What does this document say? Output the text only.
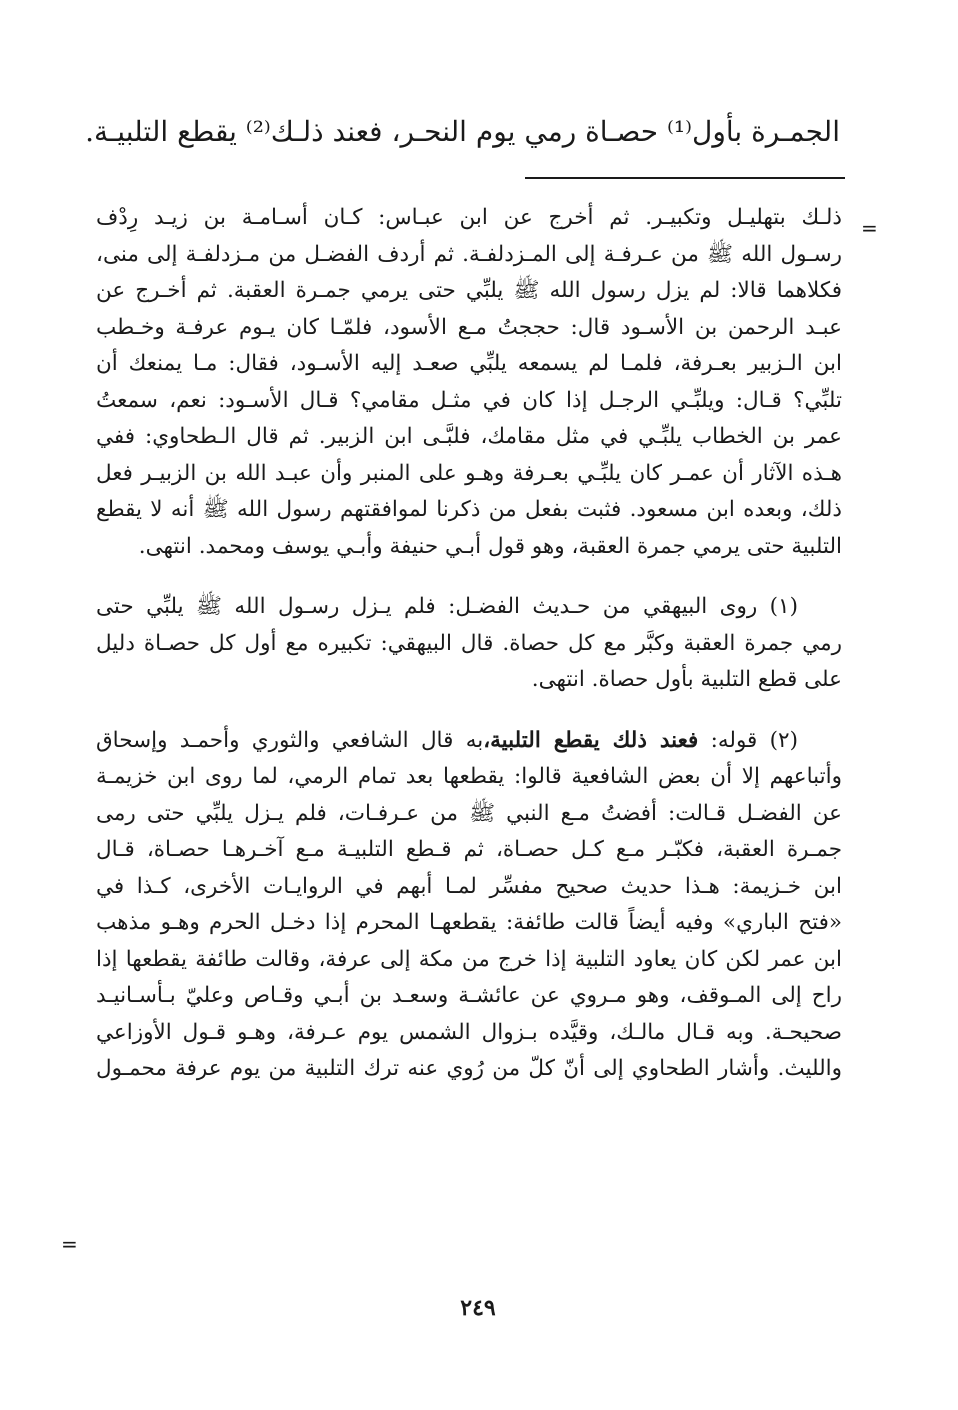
الجمـرة بأول⁽¹⁾ حصـاة رمي يوم النحـر، فعند ذلـك⁽²⁾ يقطع التلبيـة.

=

ذلـك بتهليـل وتكبيـر. ثم أخرج عن ابن عبـاس: كـان أسـامـة بن زيـد رِدْف

رسـول الله ﷺ من عـرفـة إلى المـزدلفـة. ثم أردف الفضـل من مـزدلفـة إلى منى،

فكلاهما قالا: لم يزل رسول الله ﷺ يلبِّي حتى يرمي جمـرة العقبة. ثم أخـرج عن

عبـد الرحمن بن الأسـود قال: حججتُ مـع الأسود، فلمّـا كان يـوم عرفـة وخـطب

ابن الـزبير بعـرفة، فلمـا لم يسمعه يلبِّي صعـد إليه الأسـود، فقال: مـا يمنعك أن

تلبِّي؟ قـال: ويلبِّـي الرجـل إذا كان في مثـل مقامي؟ قـال الأسـود: نعم، سمعتُ

عمر بن الخطاب يلبِّـي في مثل مقامك، فلبَّـى ابن الزبير. ثم قال الـطحاوي: ففي

هـذه الآثار أن عمـر كان يلبِّـي بعـرفة وهـو على المنبر وأن عبـد الله بن الزبيـر فعل

ذلك، وبعده ابن مسعود. فثبت بفعل من ذكرنا لموافقتهم رسول الله ﷺ أنه لا يقطع

التلبية حتى يرمي جمرة العقبة، وهو قول أبـي حنيفة وأبـي يوسف ومحمد. انتهى.

(١) روى البيهقي من حـديث الفضـل: فلم يـزل رسـول الله ﷺ يلبِّي حتى

رمي جمرة العقبة وكبَّر مع كل حصاة. قال البيهقي: تكبيره مع أول كل حصـاة دليل

على قطع التلبية بأول حصاة. انتهى.

(٢) قوله: فعند ذلك يقطع التلبية،به قال الشافعي والثوري وأحمـد وإسحاق

وأتباعهم إلا أن بعض الشافعية قالوا: يقطعها بعد تمام الرمي، لما روى ابن خزيمـة

عن الفضـل قـالت: أفضتُ مـع النبي ﷺ من عـرفـات، فلم يـزل يلبِّي حتى رمى

جمـرة العقبة، فكبّـر مـع كـل حصـاة، ثم قـطع التلبيـة مـع آخـرهـا حصـاة، قـال

ابن خـزيمة: هـذا حديث صحيح مفسِّر لمـا أبهم في الروايـات الأخرى، كـذا في

«فتح الباري» وفيه أيضاً قالت طائفة: يقطعهـا المحرم إذا دخـل الحرم وهـو مذهب

ابن عمر لكن كان يعاود التلبية إذا خرج من مكة إلى عرفة، وقالت طائفة يقطعها إذا

راح إلى المـوقف، وهو مـروي عن عائشـة وسعـد بن أبـي وقـاص وعليّ بـأسـانيـد

صحيحـة. وبه قـال مالـك، وقيَّده بـزوال الشمس يوم عـرفة، وهـو قـول الأوزاعي

والليث. وأشار الطحاوي إلى أنّ كلّ من رُوي عنه ترك التلبية من يوم عرفة محمـول

=
٢٤٩
